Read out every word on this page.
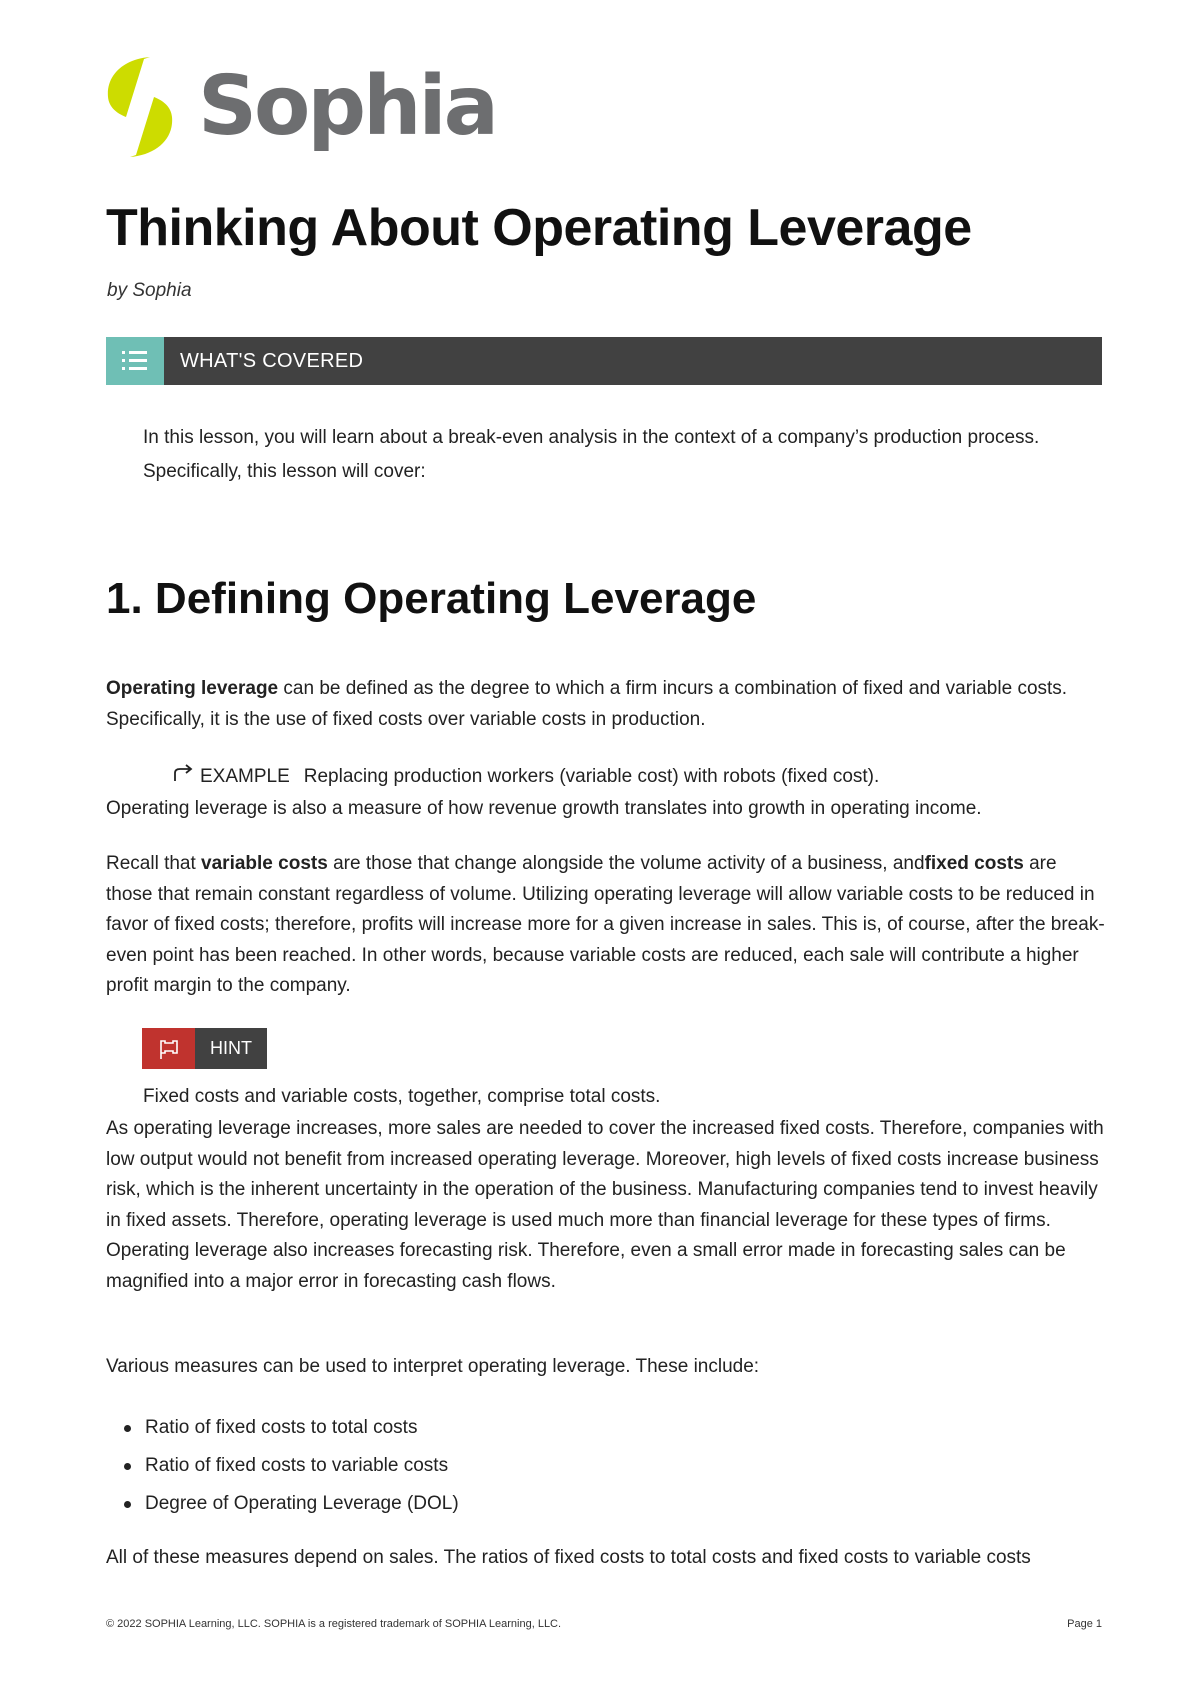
Sophia
Thinking About Operating Leverage
by Sophia
WHAT'S COVERED
In this lesson, you will learn about a break-even analysis in the context of a company’s production process. Specifically, this lesson will cover:
1. Defining Operating Leverage
Operating leverage can be defined as the degree to which a firm incurs a combination of fixed and variable costs. Specifically, it is the use of fixed costs over variable costs in production.
EXAMPLE Replacing production workers (variable cost) with robots (fixed cost).
Operating leverage is also a measure of how revenue growth translates into growth in operating income.
Recall that variable costs are those that change alongside the volume activity of a business, andfixed costs are those that remain constant regardless of volume. Utilizing operating leverage will allow variable costs to be reduced in favor of fixed costs; therefore, profits will increase more for a given increase in sales. This is, of course, after the break-even point has been reached. In other words, because variable costs are reduced, each sale will contribute a higher profit margin to the company.
HINT
Fixed costs and variable costs, together, comprise total costs.
As operating leverage increases, more sales are needed to cover the increased fixed costs. Therefore, companies with low output would not benefit from increased operating leverage. Moreover, high levels of fixed costs increase business risk, which is the inherent uncertainty in the operation of the business. Manufacturing companies tend to invest heavily in fixed assets. Therefore, operating leverage is used much more than financial leverage for these types of firms. Operating leverage also increases forecasting risk. Therefore, even a small error made in forecasting sales can be magnified into a major error in forecasting cash flows.
Various measures can be used to interpret operating leverage. These include:
Ratio of fixed costs to total costs
Ratio of fixed costs to variable costs
Degree of Operating Leverage (DOL)
All of these measures depend on sales. The ratios of fixed costs to total costs and fixed costs to variable costs
© 2022 SOPHIA Learning, LLC. SOPHIA is a registered trademark of SOPHIA Learning, LLC.	Page 1
